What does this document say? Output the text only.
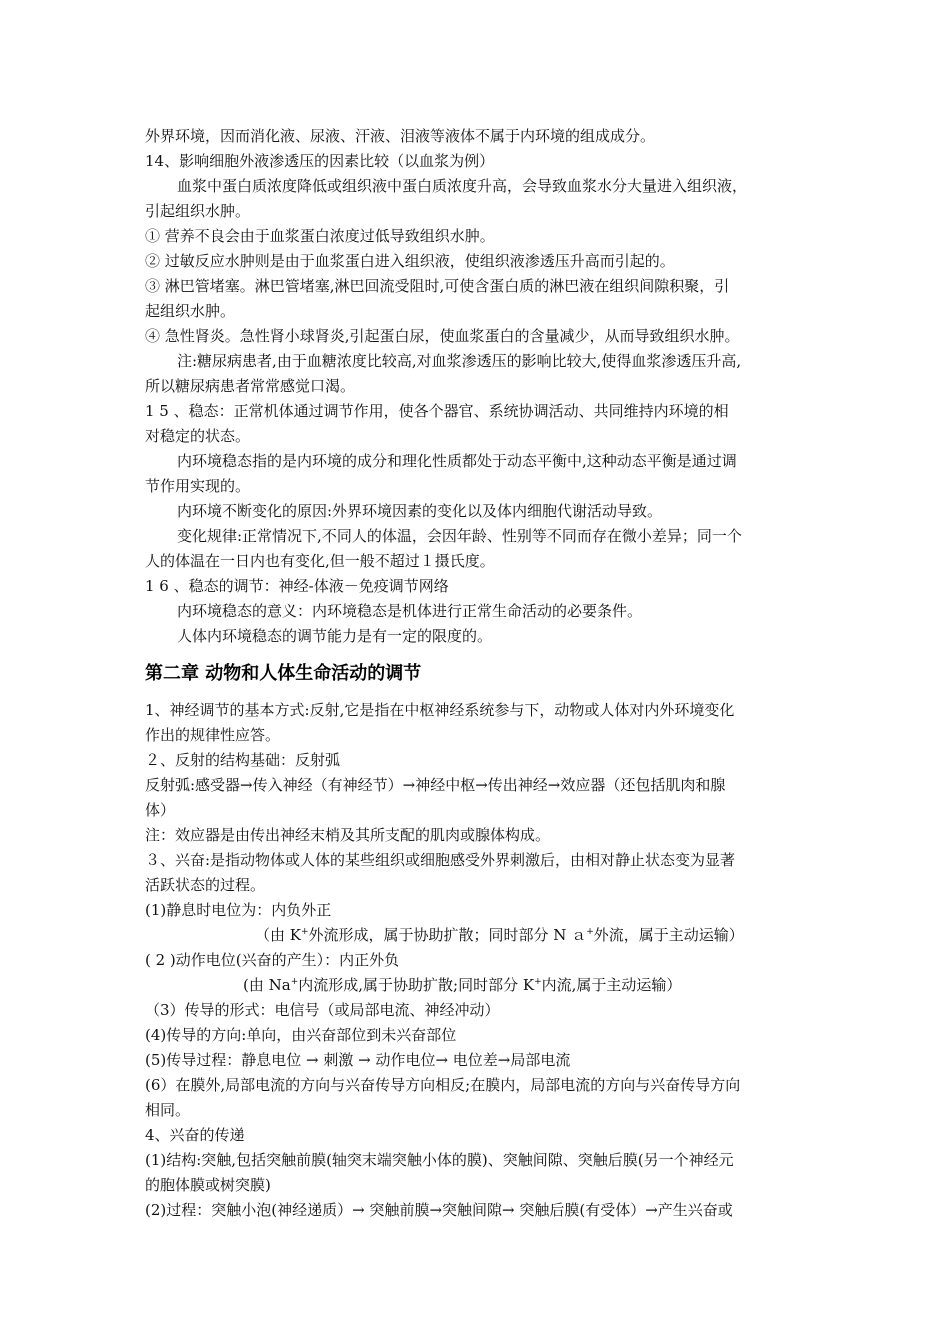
外界环境，因而消化液、尿液、汗液、泪液等液体不属于内环境的组成成分。
14、影响细胞外液渗透压的因素比较（以血浆为例）
血浆中蛋白质浓度降低或组织液中蛋白质浓度升高，会导致血浆水分大量进入组织液，
引起组织水肿。
① 营养不良会由于血浆蛋白浓度过低导致组织水肿。
② 过敏反应水肿则是由于血浆蛋白进入组织液，使组织液渗透压升高而引起的。
③ 淋巴管堵塞。淋巴管堵塞,淋巴回流受阻时,可使含蛋白质的淋巴液在组织间隙积聚，引
起组织水肿。
④ 急性肾炎。急性肾小球肾炎,引起蛋白尿，使血浆蛋白的含量减少，从而导致组织水肿。
注:糖尿病患者,由于血糖浓度比较高,对血浆渗透压的影响比较大,使得血浆渗透压升高,
所以糖尿病患者常常感觉口渴。
1 5 、稳态：正常机体通过调节作用，使各个器官、系统协调活动、共同维持内环境的相
对稳定的状态。
内环境稳态指的是内环境的成分和理化性质都处于动态平衡中,这种动态平衡是通过调
节作用实现的。
内环境不断变化的原因:外界环境因素的变化以及体内细胞代谢活动导致。
变化规律:正常情况下,不同人的体温，会因年龄、性别等不同而存在微小差异；同一个
人的体温在一日内也有变化,但一般不超过１摄氏度。
1 6 、稳态的调节：神经-体液－免疫调节网络
内环境稳态的意义：内环境稳态是机体进行正常生命活动的必要条件。
人体内环境稳态的调节能力是有一定的限度的。
第二章 动物和人体生命活动的调节
1、神经调节的基本方式:反射,它是指在中枢神经系统参与下，动物或人体对内外环境变化
作出的规律性应答。
２、反射的结构基础：反射弧
反射弧:感受器→传入神经（有神经节）→神经中枢→传出神经→效应器（还包括肌肉和腺
体）
注：效应器是由传出神经末梢及其所支配的肌肉或腺体构成。
３、兴奋:是指动物体或人体的某些组织或细胞感受外界刺激后，由相对静止状态变为显著
活跃状态的过程。
(1)静息时电位为：内负外正
（由 K+外流形成，属于协助扩散；同时部分 N ａ+外流，属于主动运输）
( 2 )动作电位(兴奋的产生）：内正外负
(由 Na+内流形成,属于协助扩散;同时部分 K+内流,属于主动运输）
（3）传导的形式：电信号（或局部电流、神经冲动）
(4)传导的方向:单向，由兴奋部位到未兴奋部位
(5)传导过程：静息电位 → 刺激 → 动作电位→ 电位差→局部电流
(6）在膜外,局部电流的方向与兴奋传导方向相反;在膜内，局部电流的方向与兴奋传导方向
相同。
4、兴奋的传递
(1)结构:突触,包括突触前膜(轴突末端突触小体的膜)、突触间隙、突触后膜(另一个神经元
的胞体膜或树突膜)
(2)过程：突触小泡(神经递质）→ 突触前膜→突触间隙→ 突触后膜(有受体）→产生兴奋或
